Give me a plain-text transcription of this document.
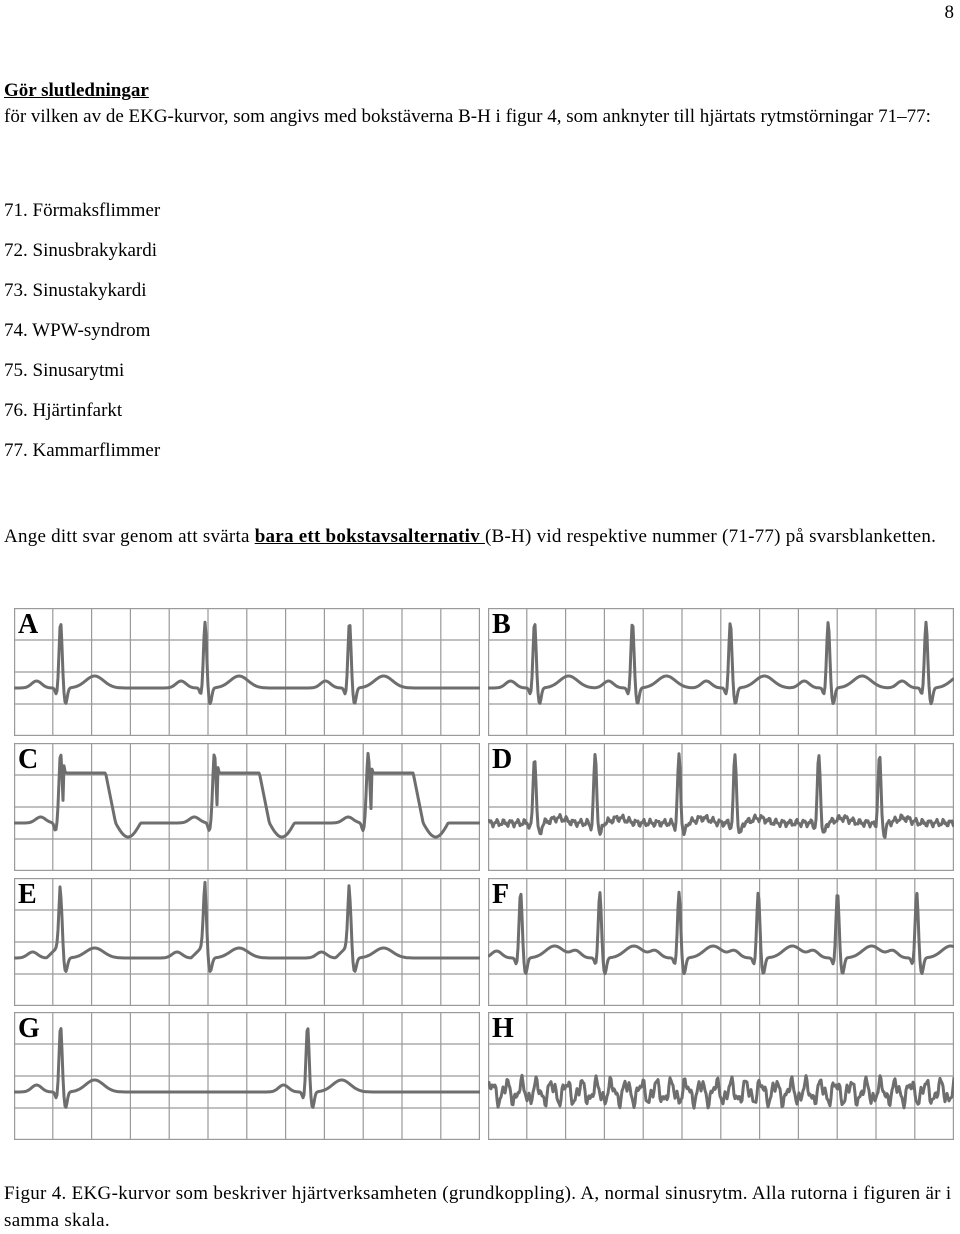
8
Gör slutledningar
för vilken av de EKG-kurvor, som angivs med bokstäverna B-H i figur 4, som anknyter till hjärtats rytmstörningar 71–77:
71. Förmaksflimmer
72. Sinusbrakykardi
73. Sinustakykardi
74. WPW-syndrom
75. Sinusarytmi
76. Hjärtinfarkt
77. Kammarflimmer
Ange ditt svar genom att svärta bara ett bokstavsalternativ (B-H) vid respektive nummer (71-77) på svarsblanketten.
A	B
C	D
E	F
G	H
Figur 4. EKG-kurvor som beskriver hjärtverksamheten (grundkoppling). A, normal sinusrytm. Alla rutorna i figuren är i samma skala.
